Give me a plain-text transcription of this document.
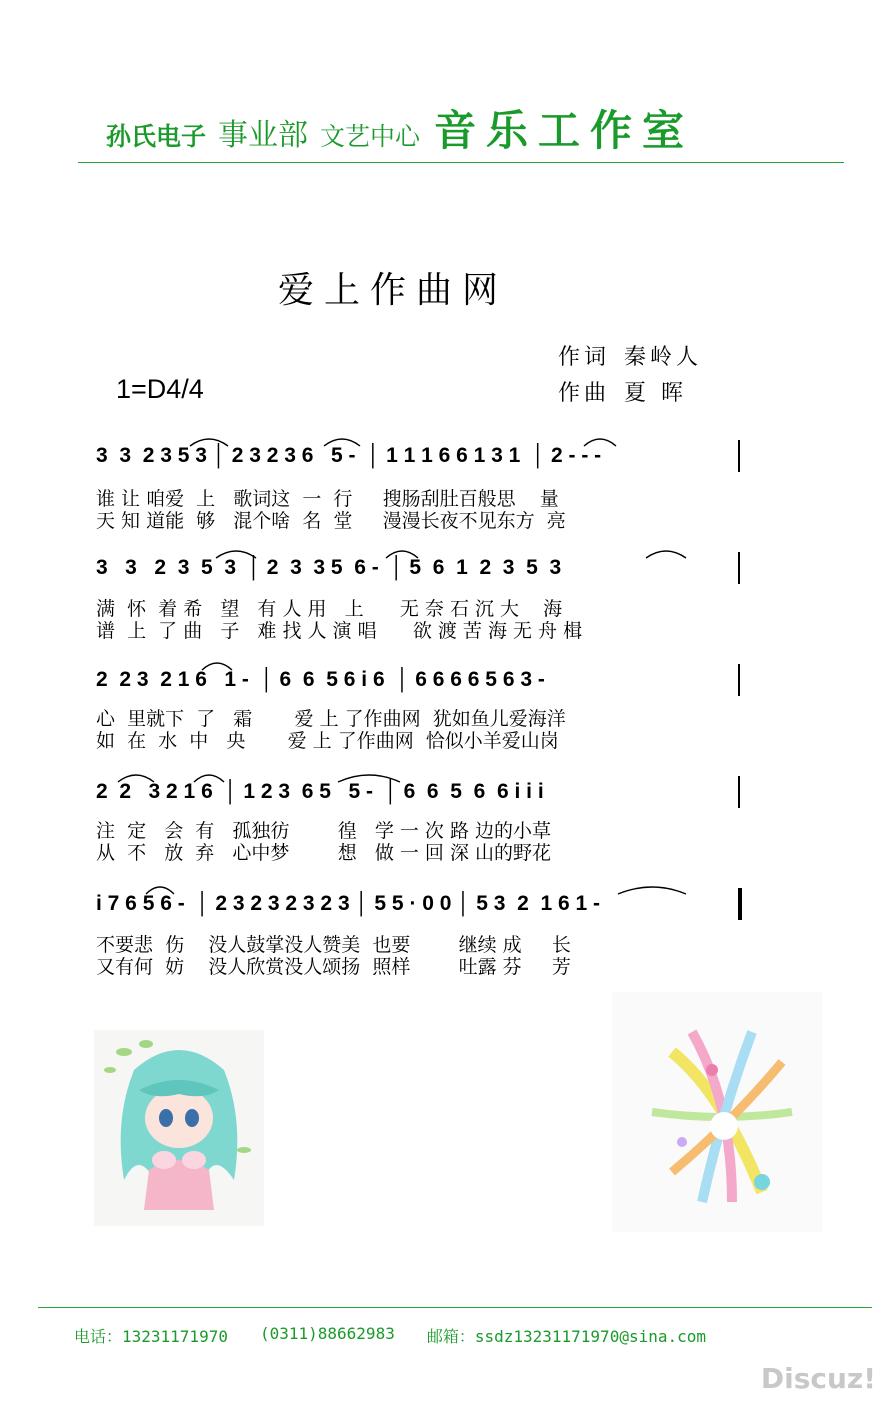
孙氏电子 事业部 文艺中心 音乐工作室
爱上作曲网
作词 秦岭人
作曲 夏 晖
1=D4/4
3  3  2 3 5 3 │ 2 3 2 3 6   5 -  │ 1 1 1 6 6 1 3 1  │ 2 - - -
谁 让 咱爱  上   歌词这  一  行     搜肠刮肚百般思    量
天 知 道能  够   混个啥  名  堂     漫漫长夜不见东方  亮
3   3   2  3  5  3  │ 2  3  3 5  6 -  │ 5  6  1  2  3  5  3
满  怀  着 希   望   有 人 用   上      无 奈 石 沉 大    海
谱  上  了 曲   子   难 找 人 演 唱      欲 渡 苦 海 无 舟 楫
2  2 3  2 1 6   1 -  │ 6  6  5 6 i 6  │ 6 6 6 6 5 6 3 -
心  里就下  了   霜       爱 上 了作曲网  犹如鱼儿爱海洋
如  在  水  中   央       爱 上 了作曲网  恰似小羊爱山岗
2  2   3 2 1 6  │ 1 2 3  6 5   5 -  │ 6  6  5  6  6 i i i
注  定   会  有   孤独彷        徨   学 一 次 路 边的小草
从  不   放  弃   心中梦        想   做 一 回 深 山的野花
i 7 6 5 6 -  │ 2 3 2 3 2 3 2 3 │ 5 5 · 0 0 │ 5 3  2  1 6 1 -
不要悲  伤    没人鼓掌没人赞美  也要        继续 成     长
又有何  妨    没人欣赏没人颂扬  照样        吐露 芬     芳
电话：13231171970 (0311)88662983 邮箱：ssdz13231171970@sina.com
Discuz!
